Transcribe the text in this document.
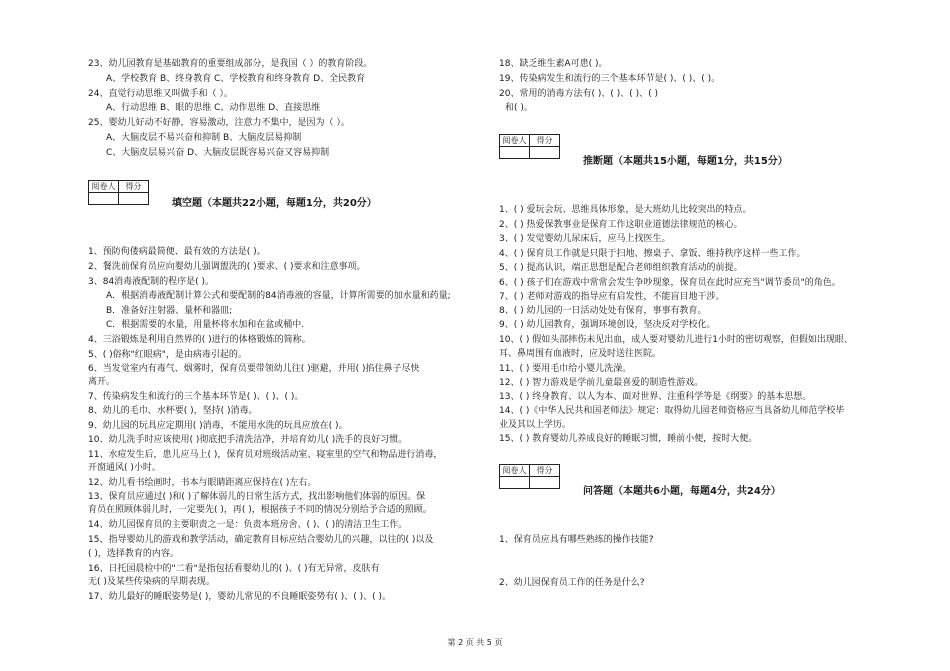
23、幼儿园教育是基础教育的重要组成部分，是我国（ ）的教育阶段。
A、学校教育 B、终身教育 C、学校教育和终身教育 D、全民教育
24、直觉行动思维又叫做手和（ ）。
A、行动思维 B、眼的思维 C、动作思维 D、直接思维
25、婴幼儿好动不好静，容易激动，注意力不集中，是因为（ ）。
A、大脑皮层不易兴奋和抑制 B、大脑皮层易抑制
C、大脑皮层易兴奋 D、大脑皮层既容易兴奋又容易抑制
阅卷人	得分

填空题（本题共22小题，每题1分，共20分）
1、预防佝偻病最简便、最有效的方法是( )。
2、餐洗前保育员应向婴幼儿强调盥洗的( )要求、( )要求和注意事项。
3、84消毒液配制的程序是( )。
A．根据消毒液配制计算公式和要配制的84消毒液的容量，计算所需要的加水量和药量;
B．准备好注射器、量杯和器皿;
C．根据需要的水量，用量杯将水加和在盆或桶中.
4、三浴锻炼是利用自然界的( )进行的体格锻炼的简称。
5、( )俗称"红眼病"，是由病毒引起的。
6、当发觉室内有毒气、烟雾时，保育员要带领幼儿往( )驱避，并用( )掐住鼻子尽快
离开。
7、传染病发生和流行的三个基本环节是( )、( )、( )。
8、幼儿的毛巾、水杯要( )，坚持( )消毒。
9、幼儿园的玩具应定期用( )消毒，不能用水洗的玩具应放在( )。
10、幼儿洗手时应该使用( )彻底把手清洗洁净，并培育幼儿( )洗手的良好习惯。
11、水痘发生后，患儿应马上( )，保育员对班级活动室、寝室里的空气和物品进行消毒，
开窗通风( )小时。
12、幼儿看书绘画时，书本与眼睛距离应保持在( )左右。
13、保育员应通过( )和( )了解体弱儿的日常生活方式，找出影响他们体弱的原因。保
育员在照顾体弱儿时，一定要先( )，再( )，根据孩子不同的情况分别给予合适的照顾。
14、幼儿园保育员的主要职责之一是：负责本班房舍、( )、( )的清洁卫生工作。
15、指导婴幼儿的游戏和教学活动，确定教育目标应结合婴幼儿的兴趣，以往的( )以及
( )，选择教育的内容。
16、日托园晨检中的"二看"是指包括看婴幼儿的( )、( )有无异常，皮肤有
无( )及某些传染病的早期表现。
17、幼儿最好的睡眠姿势是( )，婴幼儿常见的不良睡眠姿势有( )、( )、( )。
18、缺乏维生素A可患( )。
19、传染病发生和流行的三个基本环节是( )、( )、( )。
20、常用的消毒方法有( )、( )、( )、( )
和( )。
阅卷人	得分

推断题（本题共15小题，每题1分，共15分）
1、( ) 爱玩会玩、思维具体形象，是大班幼儿比较突出的特点。
2、( ) 热爱保教事业是保育工作这职业道德法律规范的核心。
3、( ) 发觉婴幼儿尿床后，应马上找医生。
4、( ) 保育员工作就是只限于扫地、擦桌子、拿饭、维持秩序这样一些工作。
5、( ) 提高认识，端正思想是配合老师组织教育活动的前提。
6、( ) 孩子们在游戏中常常会发生争吵现象，保育员在此时应充当"调节委员"的角色。
7、( ) 老师对游戏的指导应有启发性，不能盲目地干涉。
8、( ) 幼儿园的一日活动处处有保育，事事有教育。
9、( ) 幼儿园教育，强调环境创设，坚决反对学校化。
10、( ) 假如头部摔伤未见出血，成人要对婴幼儿进行1小时的密切观察，但假如出现眼、
耳、鼻周围有血液时，应及时送往医院。
11、( ) 要用毛巾给小婴儿洗澡。
12、( ) 智力游戏是学前儿童最喜爱的制造性游戏。
13、( ) 终身教育、以人为本、面对世界、注重科学等是《纲要》的基本思想。
14、( )《中华人民共和国老师法》规定：取得幼儿园老师资格应当具备幼儿师范学校毕
业及其以上学历。
15、( ) 教育婴幼儿养成良好的睡眠习惯，睡前小便，按时大便。
阅卷人	得分

问答题（本题共6小题，每题4分，共24分）
1、保育员应具有哪些熟练的操作技能?
2、幼儿园保育员工作的任务是什么?
第 2 页 共 5 页
